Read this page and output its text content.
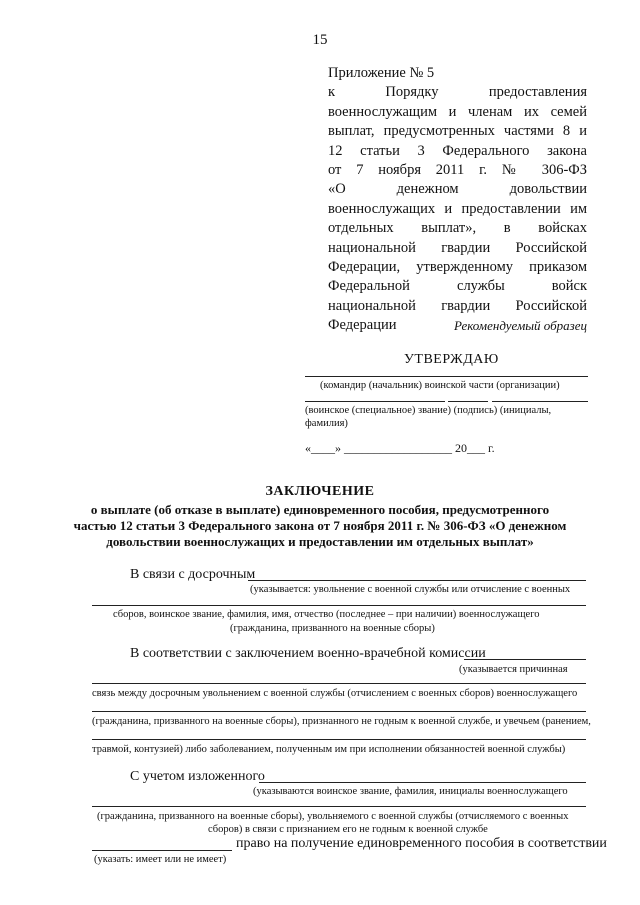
15
Приложение № 5
к Порядку предоставления
военнослужащим и членам их семей
выплат, предусмотренных частями 8 и
12 статьи 3 Федерального закона
от 7 ноября 2011 г. № 306-ФЗ
«О денежном довольствии
военнослужащих и предоставлении им
отдельных выплат», в войсках
национальной гвардии Российской
Федерации, утвержденному приказом
Федеральной службы войск
национальной гвардии Российской
Федерации	Рекомендуемый образец
УТВЕРЖДАЮ
(командир (начальник) воинской части (организации)
(воинское (специальное) звание) (подпись) (инициалы, фамилия)
«____» __________________ 20___ г.
ЗАКЛЮЧЕНИЕ
о выплате (об отказе в выплате) единовременного пособия, предусмотренного
частью 12 статьи 3 Федерального закона от 7 ноября 2011 г. № 306-ФЗ «О денежном
довольствии военнослужащих и предоставлении им отдельных выплат»
В связи с досрочным
(указывается: увольнение с военной службы или отчисление с военных
сборов, воинское звание, фамилия, имя, отчество (последнее – при наличии) военнослужащего
(гражданина, призванного на военные сборы)
В соответствии с заключением военно-врачебной комиссии
(указывается причинная
связь между досрочным увольнением с военной службы (отчислением с военных сборов) военнослужащего
(гражданина, призванного на военные сборы), признанного не годным к военной службе, и увечьем (ранением,
травмой, контузией) либо заболеванием, полученным им при исполнении обязанностей военной службы)
С учетом изложенного
(указываются воинское звание, фамилия, инициалы военнослужащего
(гражданина, призванного на военные сборы), увольняемого с военной службы (отчисляемого с военных
сборов) в связи с признанием его не годным к военной службе
право на получение единовременного пособия в соответствии
(указать: имеет или не имеет)
